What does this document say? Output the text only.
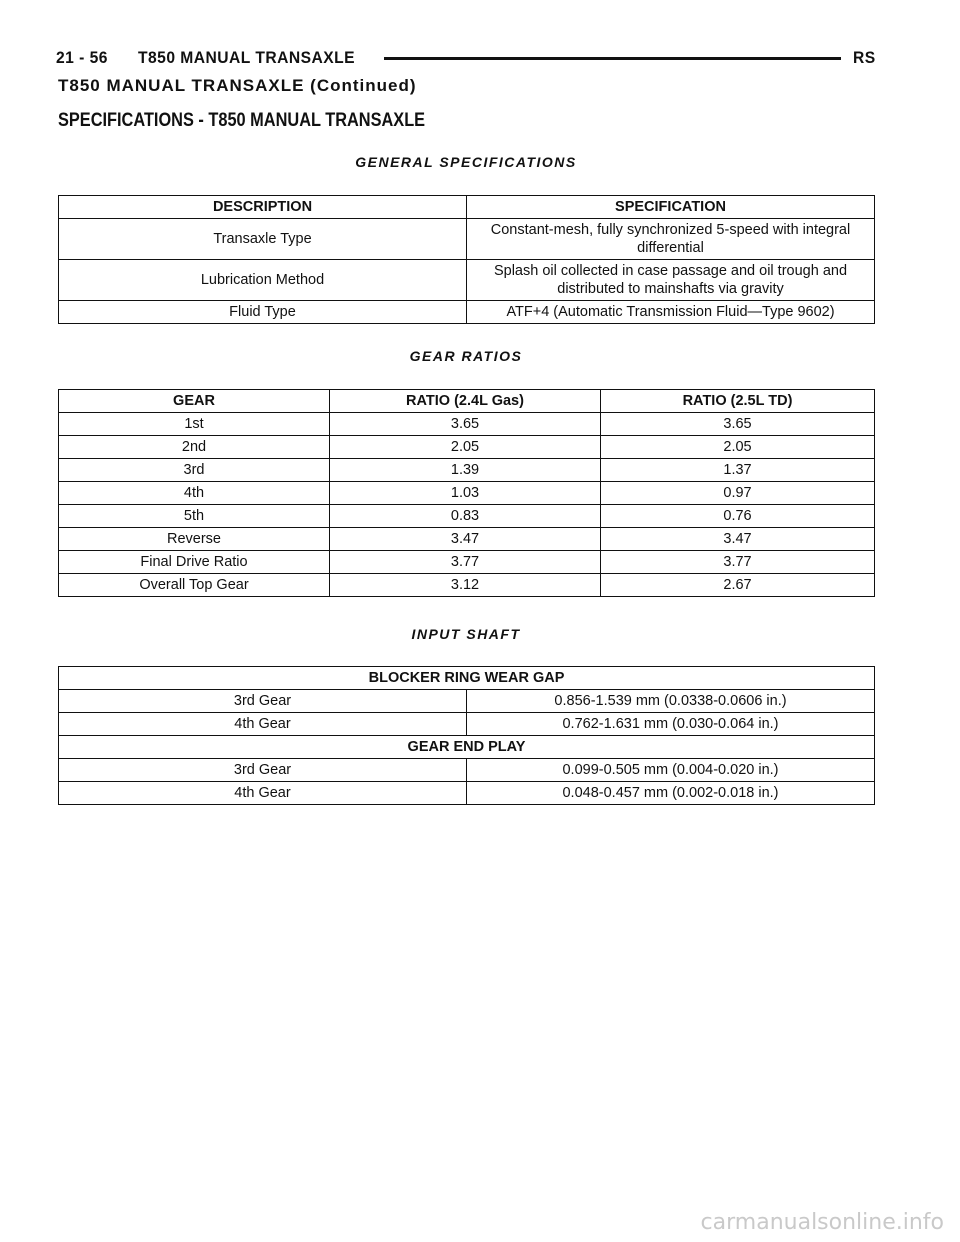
21 - 56 T850 MANUAL TRANSAXLE	RS
T850 MANUAL TRANSAXLE (Continued)
SPECIFICATIONS - T850 MANUAL TRANSAXLE
GENERAL SPECIFICATIONS
DESCRIPTION	SPECIFICATION
Transaxle Type	Constant-mesh, fully synchronized 5-speed with integral differential
Lubrication Method	Splash oil collected in case passage and oil trough and distributed to mainshafts via gravity
Fluid Type	ATF+4 (Automatic Transmission Fluid—Type 9602)
GEAR RATIOS
GEAR	RATIO (2.4L Gas)	RATIO (2.5L TD)
1st	3.65	3.65
2nd	2.05	2.05
3rd	1.39	1.37
4th	1.03	0.97
5th	0.83	0.76
Reverse	3.47	3.47
Final Drive Ratio	3.77	3.77
Overall Top Gear	3.12	2.67
INPUT SHAFT
BLOCKER RING WEAR GAP	
3rd Gear	0.856-1.539 mm (0.0338-0.0606 in.)
4th Gear	0.762-1.631 mm (0.030-0.064 in.)
GEAR END PLAY	
3rd Gear	0.099-0.505 mm (0.004-0.020 in.)
4th Gear	0.048-0.457 mm (0.002-0.018 in.)
carmanualsonline.info
